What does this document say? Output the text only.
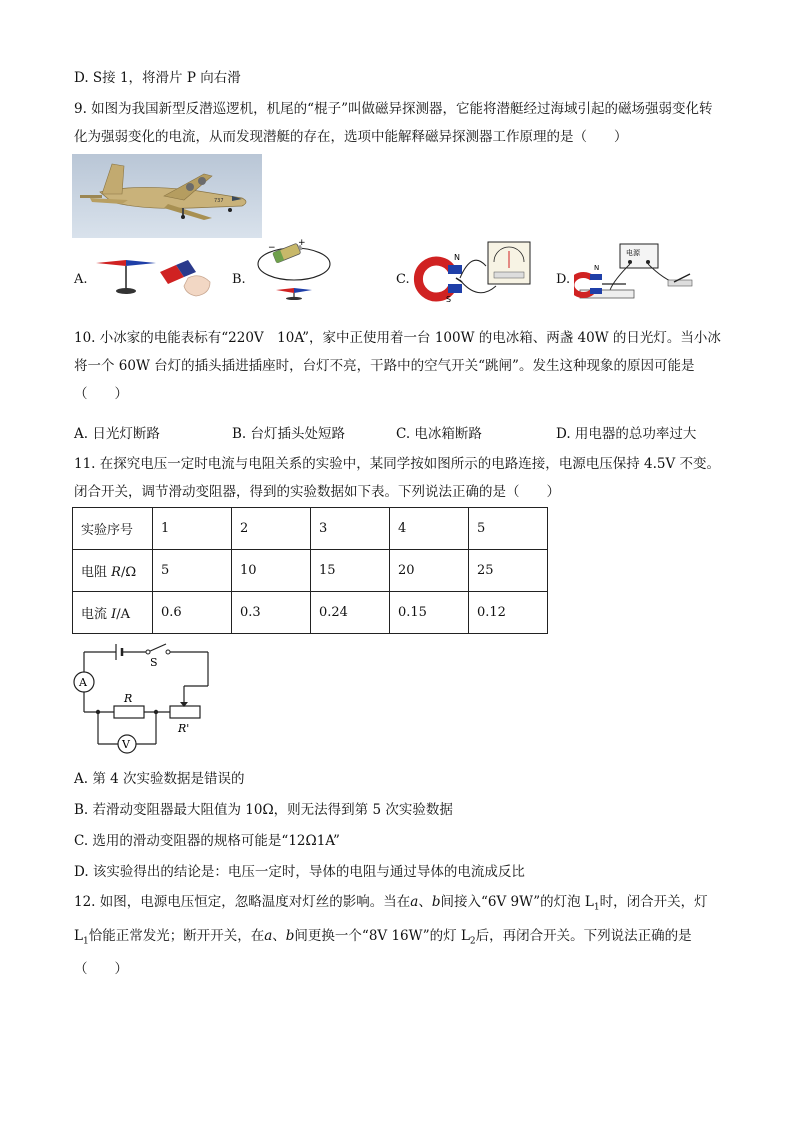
D. S接 1，将滑片 P 向右滑
9. 如图为我国新型反潜巡逻机，机尾的“棍子”叫做磁异探测器，它能将潜艇经过海域引起的磁场强弱变化转化为强弱变化的电流，从而发现潜艇的存在，选项中能解释磁异探测器工作原理的是（　　）
737
A.	B.
− +
C.
N
S
D.
电源
N
10. 小冰家的电能表标有“220V　10A”，家中正使用着一台 100W 的电冰箱、两盏 40W 的日光灯。当小冰将一个 60W 台灯的插头插进插座时，台灯不亮，干路中的空气开关“跳闸”。发生这种现象的原因可能是（　　）
A. 日光灯断路	B. 台灯插头处短路	C. 电冰箱断路	D. 用电器的总功率过大
11. 在探究电压一定时电流与电阻关系的实验中，某同学按如图所示的电路连接，电源电压保持 4.5V 不变。闭合开关，调节滑动变阻器，得到的实验数据如下表。下列说法正确的是（　　）
实验序号	1	2	3	4	5
电阻 R/Ω	5	10	15	20	25
电流 I/A	0.6	0.3	0.24	0.15	0.12
A
V
S
R
R'
A. 第 4 次实验数据是错误的
B. 若滑动变阻器最大阻值为 10Ω，则无法得到第 5 次实验数据
C. 选用的滑动变阻器的规格可能是“12Ω1A”
D. 该实验得出的结论是：电压一定时，导体的电阻与通过导体的电流成反比
12. 如图，电源电压恒定，忽略温度对灯丝的影响。当在a、b间接入“6V 9W”的灯泡 $L_1$时，闭合开关，灯 $L_1$恰能正常发光；断开开关，在a、b间更换一个“8V 16W”的灯 $L_2$后，再闭合开关。下列说法正确的是（　　）
